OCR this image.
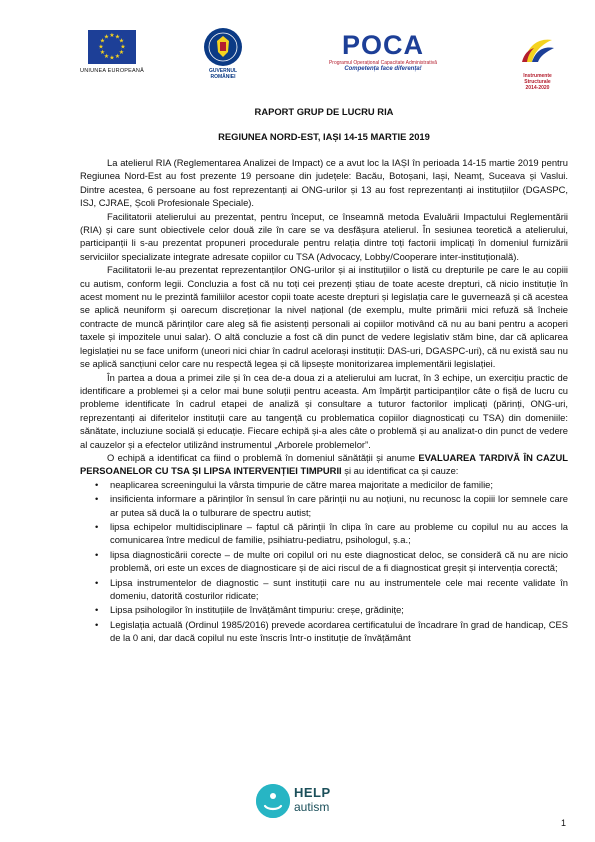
★ ★
★
★
★
★
★
★
★
★
★
★
UNIUNEA EUROPEANĂ	GUVERNUL
ROMÂNIEI
POCA
Programul Operațional Capacitate Administrativă
Competența face diferența!
Instrumente Structurale
2014-2020
RAPORT GRUP DE LUCRU RIA
REGIUNEA NORD-EST, IAȘI 14-15 MARTIE 2019

La atelierul RIA (Reglementarea Analizei de Impact) ce a avut loc la IAȘI în perioada 14-15 martie 2019 pentru Regiunea Nord-Est au fost prezente 19 persoane din județele: Bacău, Botoșani, Iași, Neamț, Suceava și Vaslui. Dintre acestea, 6 persoane au fost reprezentanți ai ONG-urilor și 13 au fost reprezentanți ai instituțiilor (DGASPC, ISJ, CJRAE, Școli Profesionale Speciale).

Facilitatorii atelierului au prezentat, pentru început, ce înseamnă metoda Evaluării Impactului Reglementării (RIA) și care sunt obiectivele celor două zile în care se va desfășura atelierul. În sesiunea teoretică a atelierului, participanții li s-au prezentat propuneri procedurale pentru relația dintre toți factorii implicați în domeniul furnizării serviciilor specializate integrate adresate copiilor cu TSA (Advocacy, Lobby/Cooperare inter-instituțională).

Facilitatorii le-au prezentat reprezentanților ONG-urilor și ai instituțiilor o listă cu drepturile pe care le au copiii cu autism, conform legii. Concluzia a fost că nu toți cei prezenți știau de toate aceste drepturi, că nicio instituție în acest moment nu le prezintă familiilor acestor copii toate aceste drepturi și legislația care le guvernează și că acestea se aplică neuniform și oarecum discreționar la nivel național (de exemplu, multe primării mici refuză să încheie contracte de muncă părinților care aleg să fie asistenți personali ai copiilor motivând că nu au bani pentru a acoperi taxele și impozitele unui salar). O altă concluzie a fost că din punct de vedere legislativ stăm bine, dar că aplicarea legislației nu se face uniform (uneori nici chiar în cadrul acelorași instituții: DAS-uri, DGASPC-uri), că nu există sau nu se aplică sancțiuni celor care nu respectă legea și că lipsește monitorizarea implementării legislației.

În partea a doua a primei zile și în cea de-a doua zi a atelierului am lucrat, în 3 echipe, un exercițiu practic de identificare a problemei și a celor mai bune soluții pentru aceasta. Am împărțit participanților câte o fișă de lucru cu probleme identificate în cadrul etapei de analiză și consultare a tuturor factorilor implicați (părinți, ONG-uri, reprezentanți ai diferitelor instituții care au tangență cu problematica copiilor diagnosticați cu TSA) din domeniile: sănătate, incluziune socială și educație. Fiecare echipă și-a ales câte o problemă și au analizat-o din punct de vedere al cauzelor și a efectelor utilizând instrumentul „Arborele problemelor”.

O echipă a identificat ca fiind o problemă în domeniul sănătății și anume EVALUAREA TARDIVĂ ÎN CAZUL PERSOANELOR CU TSA ȘI LIPSA INTERVENȚIEI TIMPURII și au identificat ca și cauze:

• neaplicarea screeningului la vârsta timpurie de către marea majoritate a medicilor de familie;
• insificienta informare a părinților în sensul în care părinții nu au noțiuni, nu recunosc la copiii lor semnele care ar putea să ducă la o tulburare de spectru autist;
• lipsa echipelor multidisciplinare – faptul că părinții în clipa în care au probleme cu copilul nu au acces la comunicarea între medicul de familie, psihiatru-pediatru, psihologul, ș.a.;
• lipsa diagnosticării corecte – de multe ori copilul ori nu este diagnosticat deloc, se consideră că nu are nicio problemă, ori este un exces de diagnosticare și de aici riscul de a fi diagnosticat greșit și intervenția corectă;
• Lipsa instrumentelor de diagnostic – sunt instituții care nu au instrumentele cele mai recente validate în domeniu, datorită costurilor ridicate;
• Lipsa psihologilor în instituțiile de învățământ timpuriu: creșe, grădinițe;
• Legislația actuală (Ordinul 1985/2016) prevede acordarea certificatului de încadrare în grad de handicap, CES de la 0 ani, dar dacă copilul nu este înscris într-o instituție de învățământ
HELP
autism
1
